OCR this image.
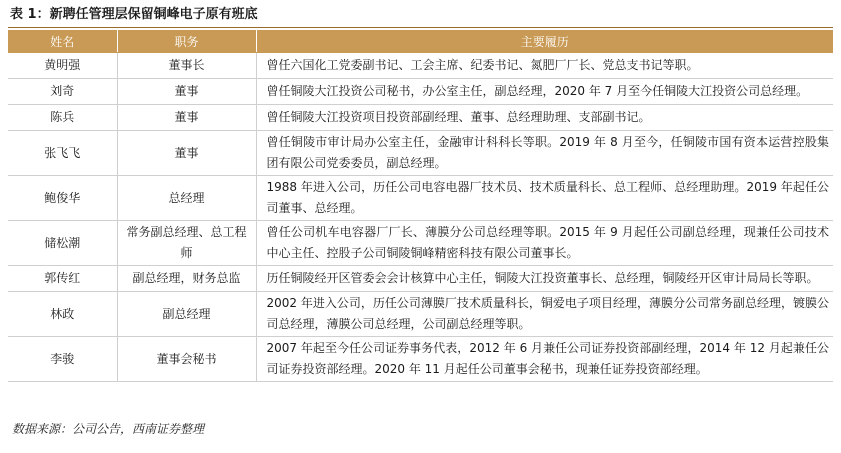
表 1：新聘任管理层保留铜峰电子原有班底
姓名	职务	主要履历
黄明强	董事长	曾任六国化工党委副书记、工会主席、纪委书记、氮肥厂厂长、党总支书记等职。
刘奇	董事	曾任铜陵大江投资公司秘书，办公室主任，副总经理，2020 年 7 月至今任铜陵大江投资公司总经理。
陈兵	董事	曾任铜陵大江投资项目投资部副经理、董事、总经理助理、支部副书记。
张飞飞	董事	曾任铜陵市审计局办公室主任，金融审计科科长等职。2019 年 8 月至今，任铜陵市国有资本运营控股集团有限公司党委委员，副总经理。
鲍俊华	总经理	1988 年进入公司，历任公司电容电器厂技术员、技术质量科长、总工程师、总经理助理。2019 年起任公司董事、总经理。
储松潮	常务副总经理、总工程师	曾任公司机车电容器厂厂长、薄膜分公司总经理等职。2015 年 9 月起任公司副总经理，现兼任公司技术中心主任、控股子公司铜陵铜峰精密科技有限公司董事长。
郭传红	副总经理，财务总监	历任铜陵经开区管委会会计核算中心主任，铜陵大江投资董事长、总经理，铜陵经开区审计局局长等职。
林政	副总经理	2002 年进入公司，历任公司薄膜厂技术质量科长，铜爱电子项目经理，薄膜分公司常务副总经理，镀膜公司总经理，薄膜公司总经理，公司副总经理等职。
李骏	董事会秘书	2007 年起至今任公司证券事务代表，2012 年 6 月兼任公司证券投资部副经理，2014 年 12 月起兼任公司证券投资部经理。2020 年 11 月起任公司董事会秘书，现兼任证券投资部经理。
数据来源：公司公告，西南证券整理
